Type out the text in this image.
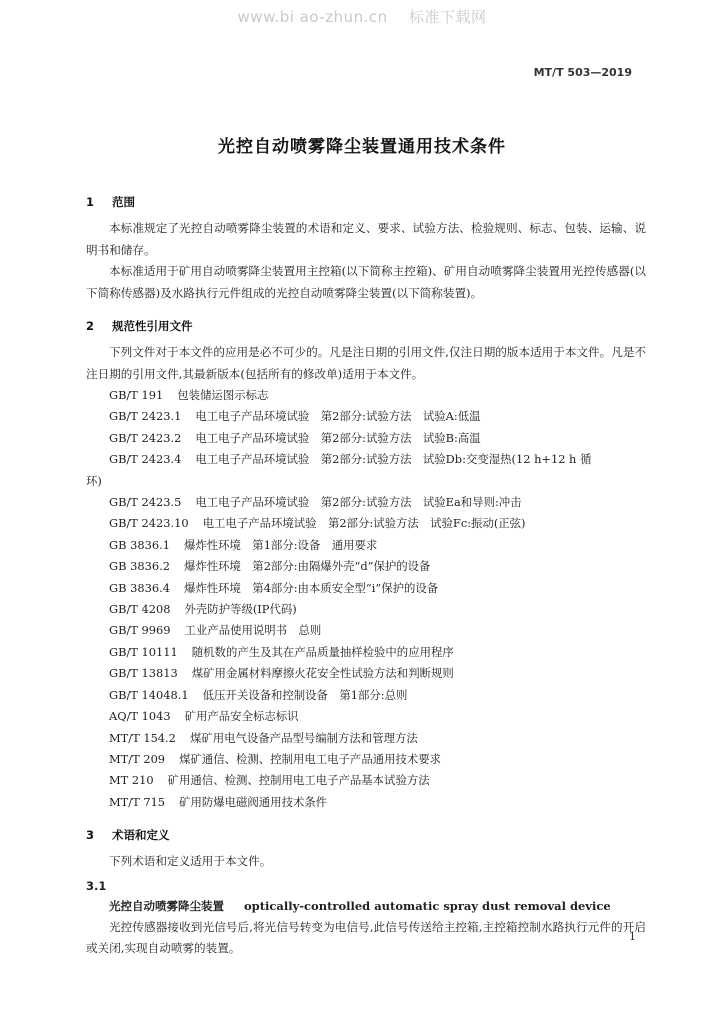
www.bi ao-zhun.cn 标准下载网
MT/T 503—2019
光控自动喷雾降尘装置通用技术条件
1 范围

本标准规定了光控自动喷雾降尘装置的术语和定义、要求、试验方法、检验规则、标志、包装、运输、说明书和储存。

本标准适用于矿用自动喷雾降尘装置用主控箱(以下简称主控箱)、矿用自动喷雾降尘装置用光控传感器(以下简称传感器)及水路执行元件组成的光控自动喷雾降尘装置(以下简称装置)。

2 规范性引用文件

下列文件对于本文件的应用是必不可少的。凡是注日期的引用文件,仅注日期的版本适用于本文件。凡是不注日期的引用文件,其最新版本(包括所有的修改单)适用于本文件。

GB/T 191 包装储运图示标志
GB/T 2423.1 电工电子产品环境试验　第2部分:试验方法　试验A:低温
GB/T 2423.2 电工电子产品环境试验　第2部分:试验方法　试验B:高温
GB/T 2423.4 电工电子产品环境试验　第2部分:试验方法　试验Db:交变湿热(12 h+12 h 循
环)
GB/T 2423.5 电工电子产品环境试验　第2部分:试验方法　试验Ea和导则:冲击
GB/T 2423.10 电工电子产品环境试验　第2部分:试验方法　试验Fc:振动(正弦)
GB 3836.1 爆炸性环境　第1部分:设备　通用要求
GB 3836.2 爆炸性环境　第2部分:由隔爆外壳“d”保护的设备
GB 3836.4 爆炸性环境　第4部分:由本质安全型“i”保护的设备
GB/T 4208 外壳防护等级(IP代码)
GB/T 9969 工业产品使用说明书　总则
GB/T 10111 随机数的产生及其在产品质量抽样检验中的应用程序
GB/T 13813 煤矿用金属材料摩擦火花安全性试验方法和判断规则
GB/T 14048.1 低压开关设备和控制设备　第1部分:总则
AQ/T 1043 矿用产品安全标志标识
MT/T 154.2 煤矿用电气设备产品型号编制方法和管理方法
MT/T 209 煤矿通信、检测、控制用电工电子产品通用技术要求
MT 210 矿用通信、检测、控制用电工电子产品基本试验方法
MT/T 715 矿用防爆电磁阀通用技术条件
3 术语和定义

下列术语和定义适用于本文件。

3.1
光控自动喷雾降尘装置 optically-controlled automatic spray dust removal device

光控传感器接收到光信号后,将光信号转变为电信号,此信号传送给主控箱,主控箱控制水路执行元件的开启或关闭,实现自动喷雾的装置。

1
